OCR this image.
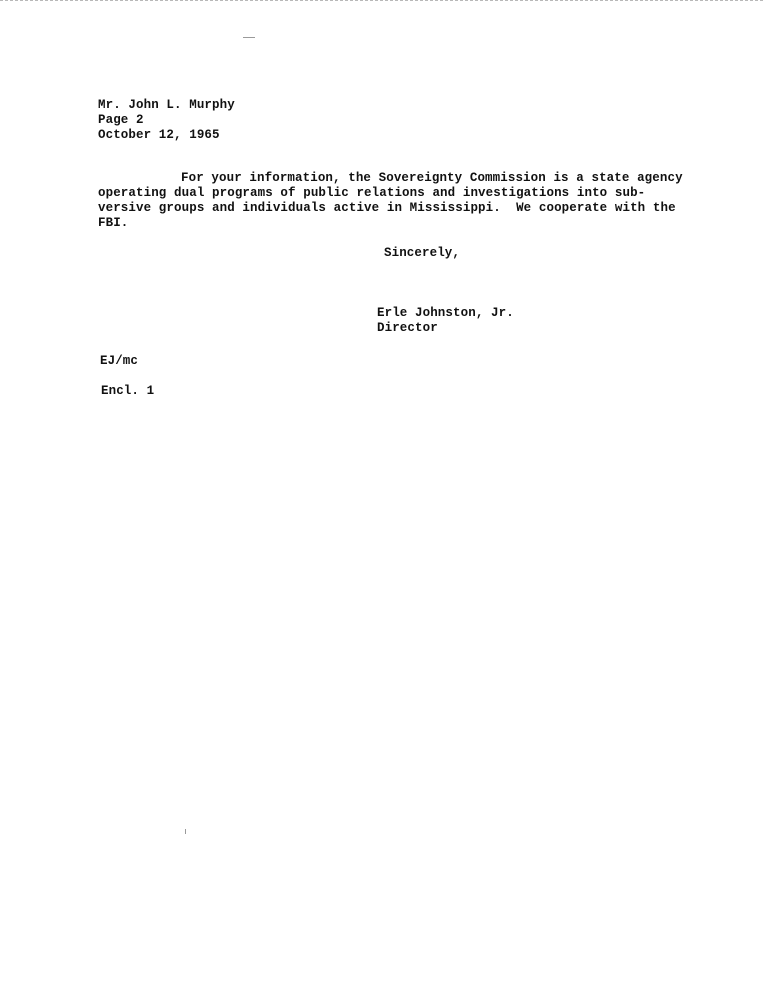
Mr. John L. Murphy
Page 2
October 12, 1965
For your information, the Sovereignty Commission is a state agency
operating dual programs of public relations and investigations into sub-
versive groups and individuals active in Mississippi.  We cooperate with the
FBI.
Sincerely,
Erle Johnston, Jr.
Director
EJ/mc
Encl. 1
